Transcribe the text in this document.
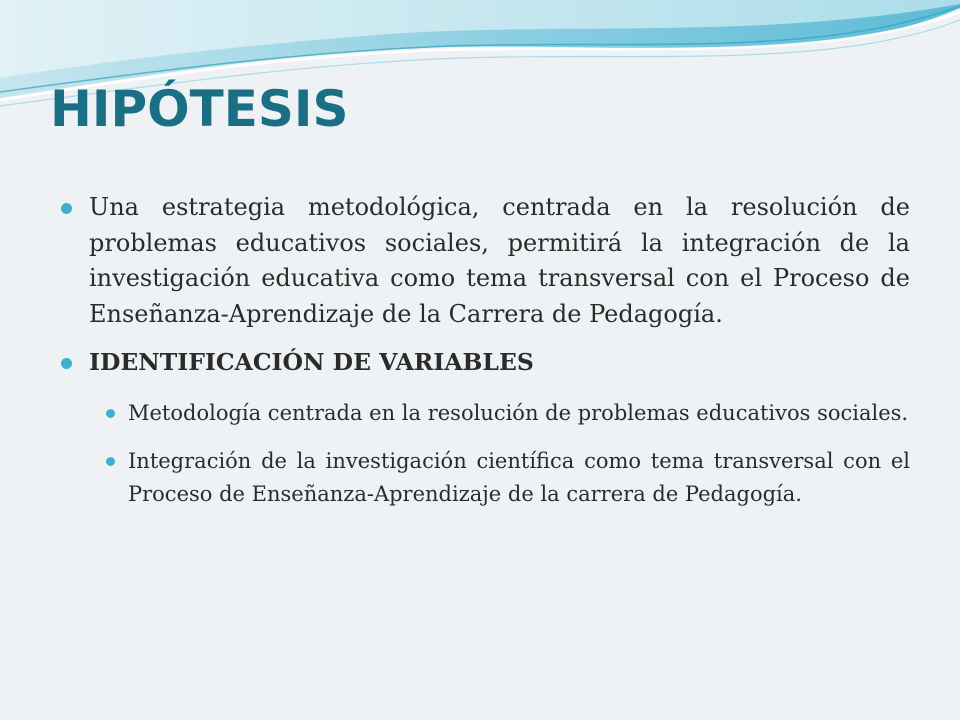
HIPÓTESIS
Una estrategia metodológica, centrada en la resolución de problemas educativos sociales, permitirá la integración de la investigación educativa como tema transversal con el Proceso de Enseñanza-Aprendizaje de la Carrera de Pedagogía.
IDENTIFICACIÓN DE VARIABLES
Metodología centrada en la resolución de problemas educativos sociales.
Integración de la investigación científica como tema transversal con el Proceso de Enseñanza-Aprendizaje de la carrera de Pedagogía.
